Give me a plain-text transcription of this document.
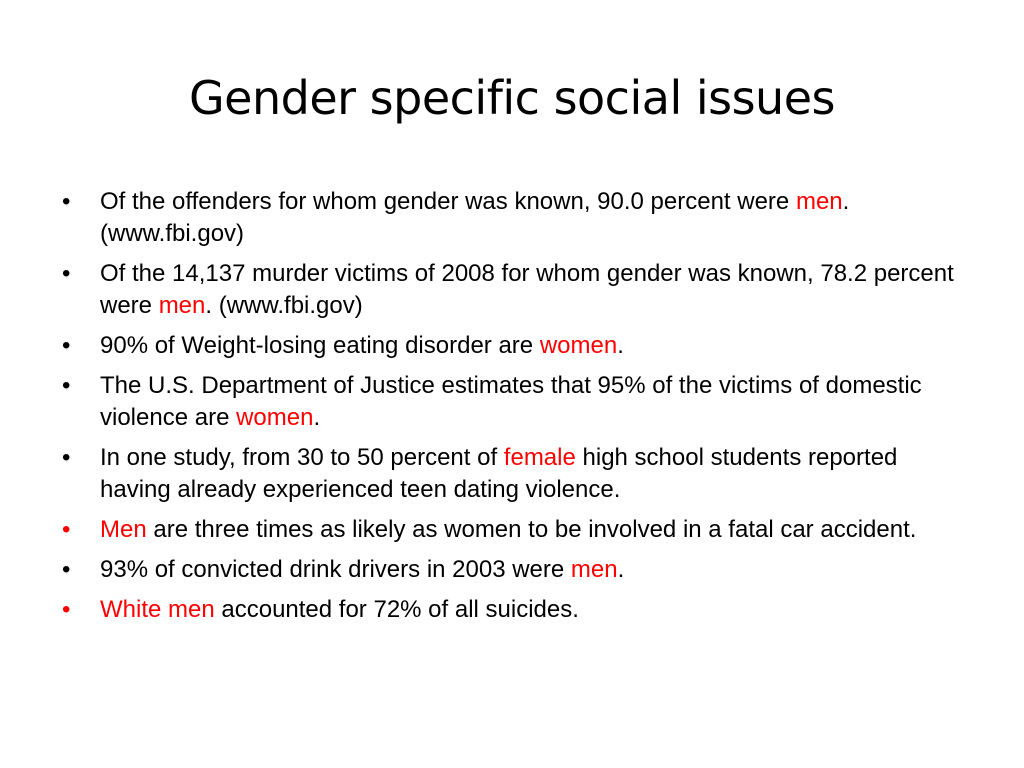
Gender specific social issues
•	Of the offenders for whom gender was known, 90.0 percent were men. (www.fbi.gov)
•	Of the 14,137 murder victims of 2008 for whom gender was known, 78.2 percent were men. (www.fbi.gov)
•	90% of Weight-losing eating disorder are women.
•	The U.S. Department of Justice estimates that 95% of the victims of domestic violence are women.
•	In one study, from 30 to 50 percent of female high school students reported having already experienced teen dating violence.
•	Men are three times as likely as women to be involved in a fatal car accident.
•	93% of convicted drink drivers in 2003 were men.
•	White men accounted for 72% of all suicides.
